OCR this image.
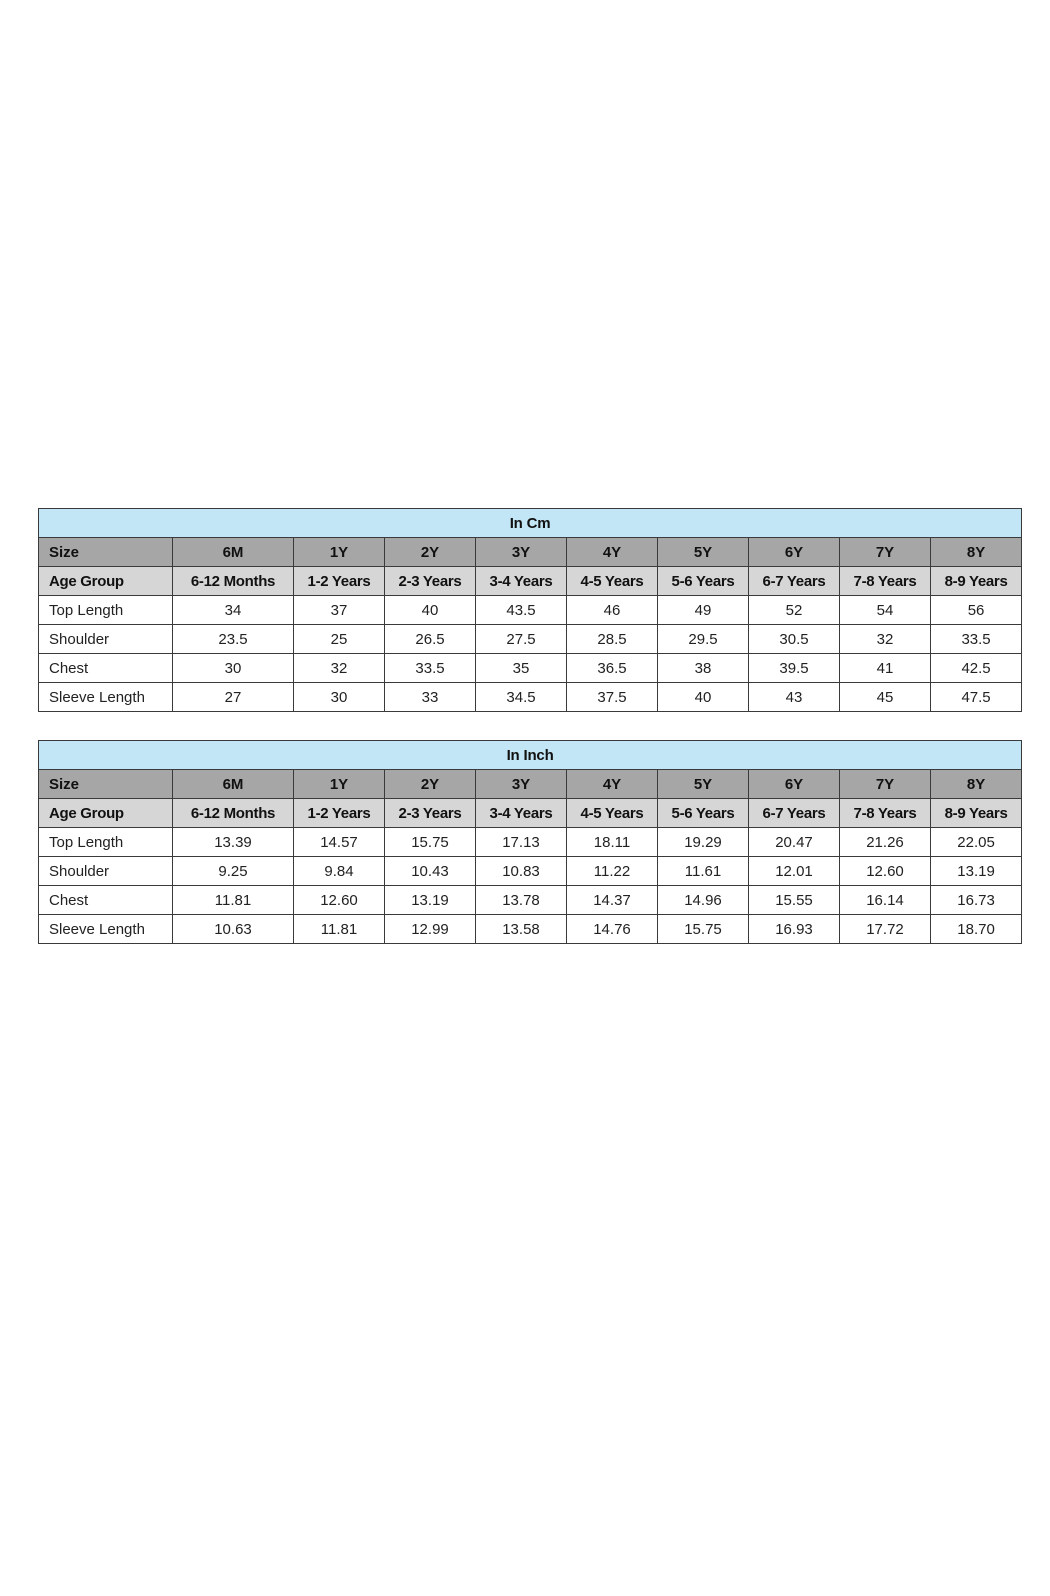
In Cm									
Size	6M	1Y	2Y	3Y	4Y	5Y	6Y	7Y	8Y
Age Group	6-12 Months	1-2 Years	2-3 Years	3-4 Years	4-5 Years	5-6 Years	6-7 Years	7-8 Years	8-9 Years
Top Length	34	37	40	43.5	46	49	52	54	56
Shoulder	23.5	25	26.5	27.5	28.5	29.5	30.5	32	33.5
Chest	30	32	33.5	35	36.5	38	39.5	41	42.5
Sleeve Length	27	30	33	34.5	37.5	40	43	45	47.5
In Inch									
Size	6M	1Y	2Y	3Y	4Y	5Y	6Y	7Y	8Y
Age Group	6-12 Months	1-2 Years	2-3 Years	3-4 Years	4-5 Years	5-6 Years	6-7 Years	7-8 Years	8-9 Years
Top Length	13.39	14.57	15.75	17.13	18.11	19.29	20.47	21.26	22.05
Shoulder	9.25	9.84	10.43	10.83	11.22	11.61	12.01	12.60	13.19
Chest	11.81	12.60	13.19	13.78	14.37	14.96	15.55	16.14	16.73
Sleeve Length	10.63	11.81	12.99	13.58	14.76	15.75	16.93	17.72	18.70
